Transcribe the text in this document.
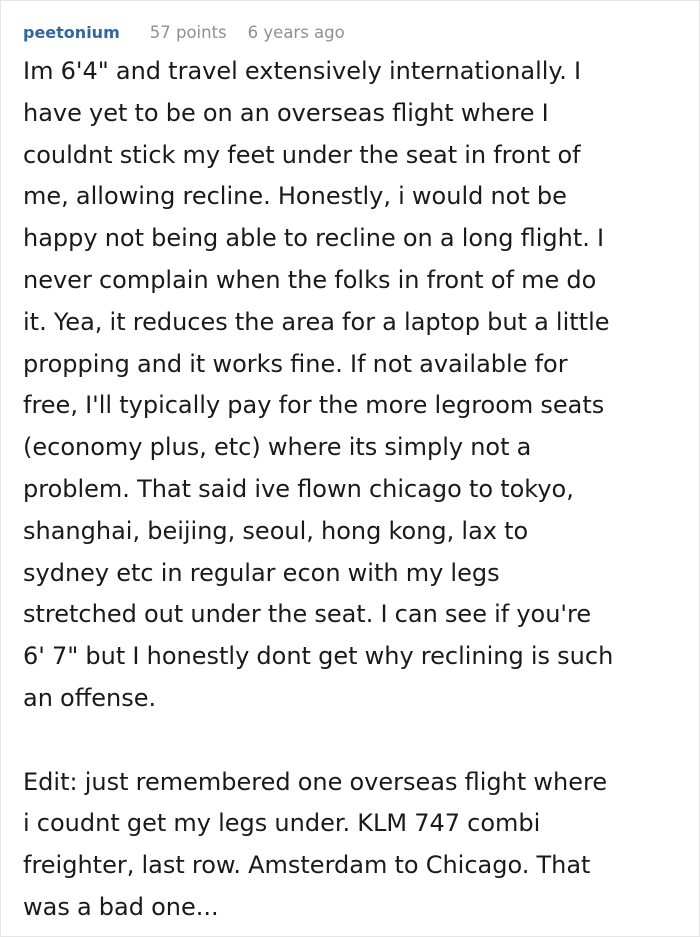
peetonium 57 points 6 years ago
Im 6'4" and travel extensively internationally. I
have yet to be on an overseas flight where I
couldnt stick my feet under the seat in front of
me, allowing recline. Honestly, i would not be
happy not being able to recline on a long flight. I
never complain when the folks in front of me do
it. Yea, it reduces the area for a laptop but a little
propping and it works fine. If not available for
free, I'll typically pay for the more legroom seats
(economy plus, etc) where its simply not a
problem. That said ive flown chicago to tokyo,
shanghai, beijing, seoul, hong kong, lax to
sydney etc in regular econ with my legs
stretched out under the seat. I can see if you're
6' 7" but I honestly dont get why reclining is such
an offense.
Edit: just remembered one overseas flight where
i coudnt get my legs under. KLM 747 combi
freighter, last row. Amsterdam to Chicago. That
was a bad one...
